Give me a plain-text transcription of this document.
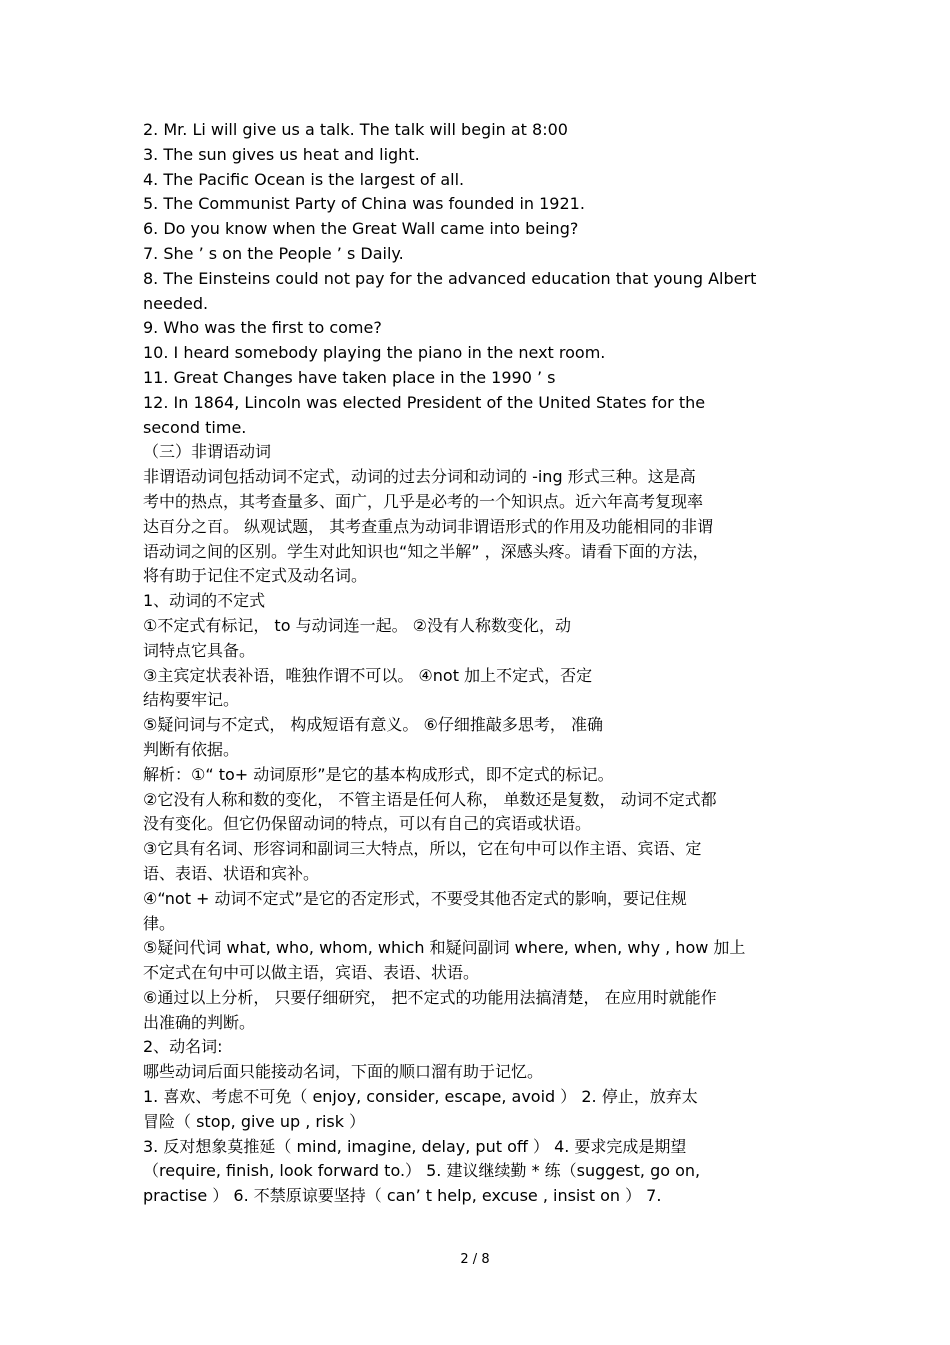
2. Mr. Li will give us a talk. The talk will begin at 8:00
3. The sun gives us heat and light.
4. The Pacific Ocean is the largest of all.
5. The Communist Party of China was founded in 1921.
6. Do you know when the Great Wall came into being?
7. She ’ s on the People ’ s Daily.
8. The Einsteins could not pay for the advanced education that young Albert
needed.
9. Who was the first to come?
10. I heard somebody playing the piano in the next room.
11. Great Changes have taken place in the 1990 ’ s
12. In 1864, Lincoln was elected President of the United States for the
second time.
（三）非谓语动词
非谓语动词包括动词不定式，动词的过去分词和动词的 -ing 形式三种。这是高
考中的热点，其考查量多、面广，几乎是必考的一个知识点。近六年高考复现率
达百分之百。 纵观试题， 其考查重点为动词非谓语形式的作用及功能相同的非谓
语动词之间的区别。学生对此知识也“知之半解” ，深感头疼。请看下面的方法，
将有助于记住不定式及动名词。
1、动词的不定式
①不定式有标记， to 与动词连一起。 ②没有人称数变化，动
词特点它具备。
③主宾定状表补语，唯独作谓不可以。 ④not 加上不定式，否定
结构要牢记。
⑤疑问词与不定式， 构成短语有意义。 ⑥仔细推敲多思考， 准确
判断有依据。
解析：①“ to+ 动词原形”是它的基本构成形式，即不定式的标记。
②它没有人称和数的变化， 不管主语是任何人称， 单数还是复数， 动词不定式都
没有变化。但它仍保留动词的特点，可以有自己的宾语或状语。
③它具有名词、形容词和副词三大特点，所以，它在句中可以作主语、宾语、定
语、表语、状语和宾补。
④“not + 动词不定式”是它的否定形式，不要受其他否定式的影响，要记住规
律。
⑤疑问代词 what, who, whom, which 和疑问副词 where, when, why , how 加上
不定式在句中可以做主语，宾语、表语、状语。
⑥通过以上分析， 只要仔细研究， 把不定式的功能用法搞清楚， 在应用时就能作
出准确的判断。
2、动名词:
哪些动词后面只能接动名词，下面的顺口溜有助于记忆。
1. 喜欢、考虑不可免（ enjoy, consider, escape, avoid ） 2. 停止，放弃太
冒险（ stop, give up , risk ）
3. 反对想象莫推延（ mind, imagine, delay, put off ） 4. 要求完成是期望
（require, finish, look forward to.） 5. 建议继续勤 * 练（suggest, go on,
practise ） 6. 不禁原谅要坚持（ can’ t help, excuse , insist on ） 7.
2 / 8
